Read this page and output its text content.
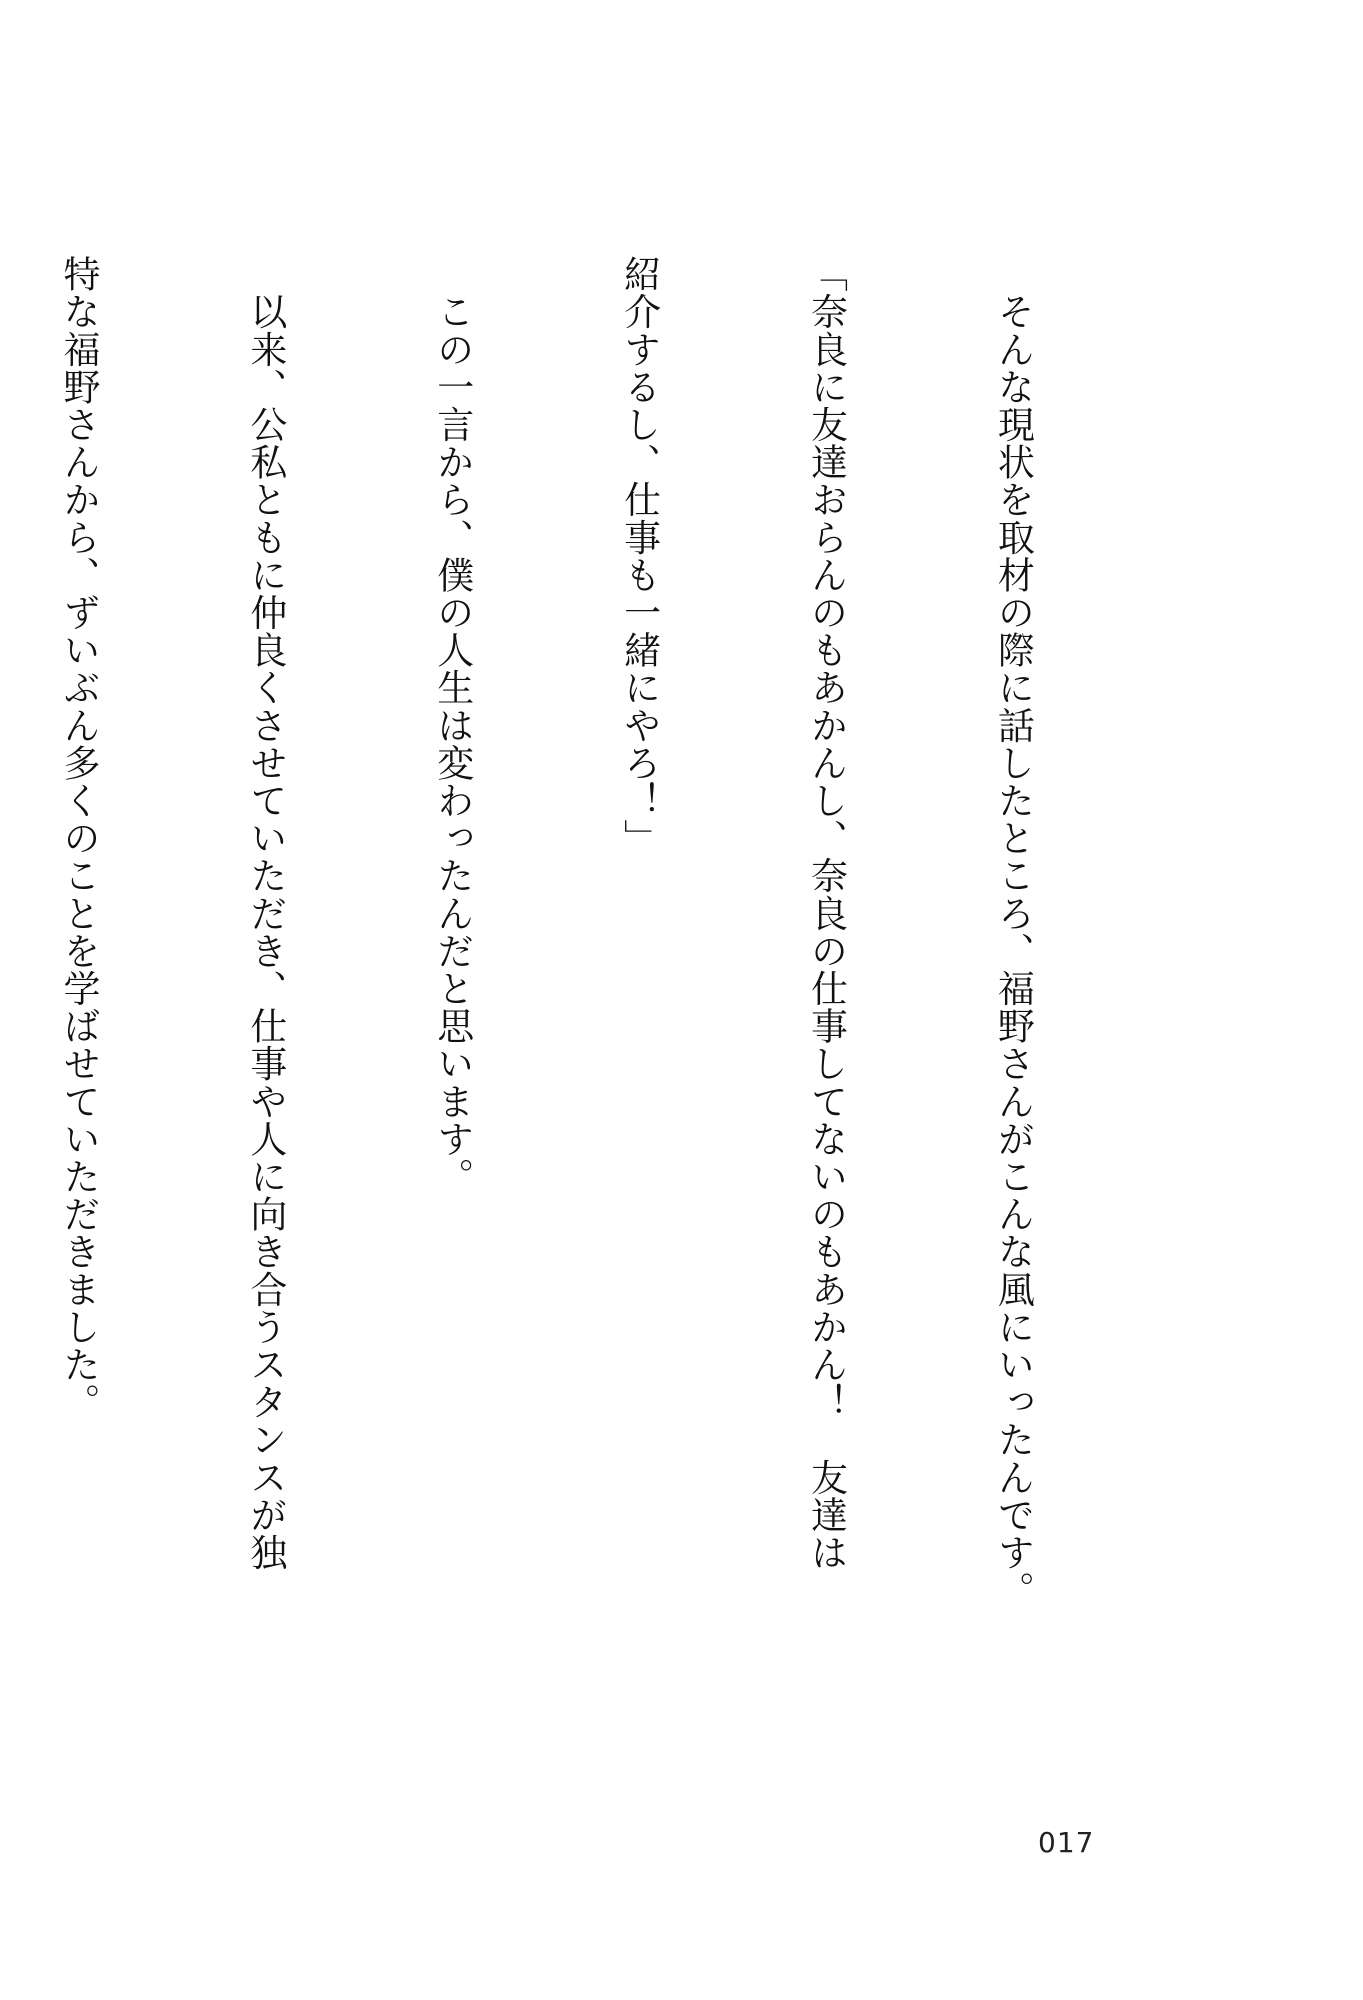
　そんな現状を取材の際に話したところ、福野さんがこんな風にいったんです。

「奈良に友達おらんのもあかんし、奈良の仕事してないのもあかん！　友達は

紹介するし、仕事も一緒にやろ！」

　この一言から、僕の人生は変わったんだと思います。

　以来、公私ともに仲良くさせていただき、仕事や人に向き合うスタンスが独

特な福野さんから、ずいぶん多くのことを学ばせていただきました。

017
